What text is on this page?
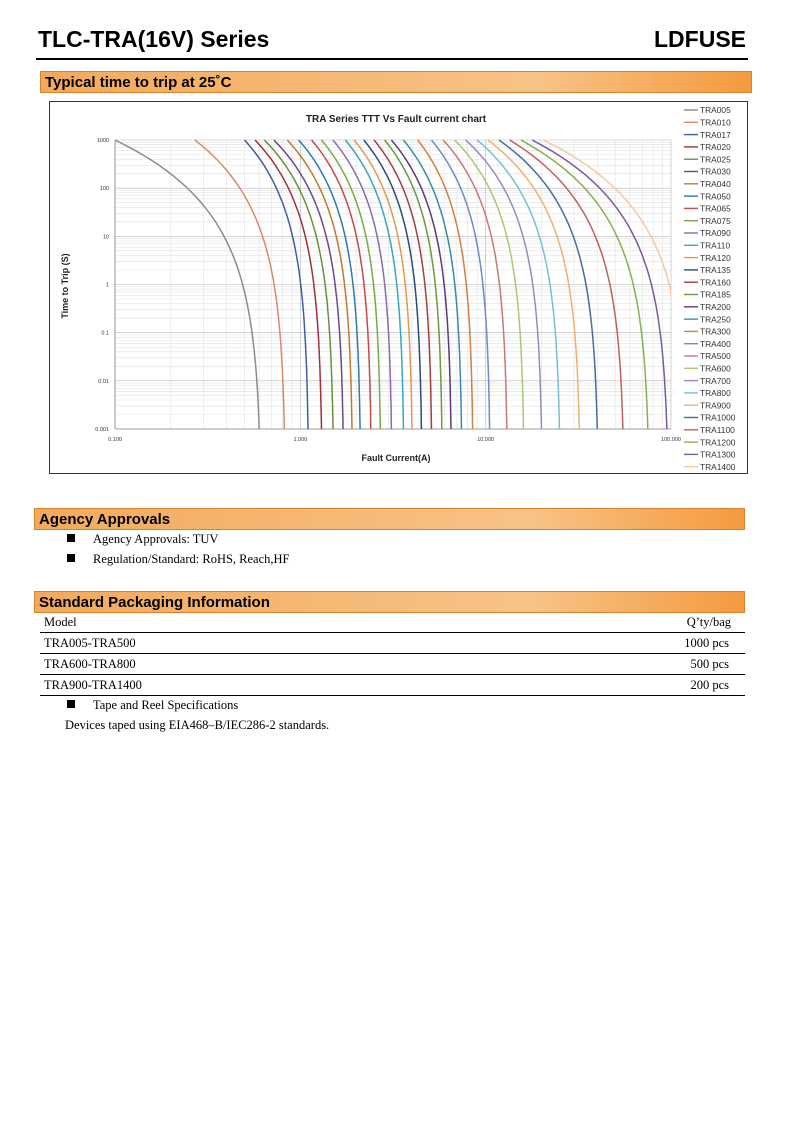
TLC-TRA(16V) Series	LDFUSE
Typical time to trip at 25˚C
TRA Series TTT Vs Fault current chart
Fault Current(A)
Time to Trip (S)
0.001
0.01
0.1
1
10
100
1000
0.100	1.000	10.000	100.000
TRA005
TRA010
TRA017
TRA020
TRA025
TRA030
TRA040
TRA050
TRA065
TRA075
TRA090
TRA110
TRA120
TRA135
TRA160
TRA185
TRA200
TRA250
TRA300
TRA400
TRA500
TRA600
TRA700
TRA800
TRA900
TRA1000
TRA1100
TRA1200
TRA1300
TRA1400
Agency Approvals
Agency Approvals: TUV
Regulation/Standard: RoHS, Reach,HF
Standard Packaging Information
Model	Q’ty/bag
TRA005-TRA500	1000 pcs
TRA600-TRA800	500 pcs
TRA900-TRA1400	200 pcs
Tape and Reel Specifications
Devices taped using EIA468–B/IEC286-2 standards.
